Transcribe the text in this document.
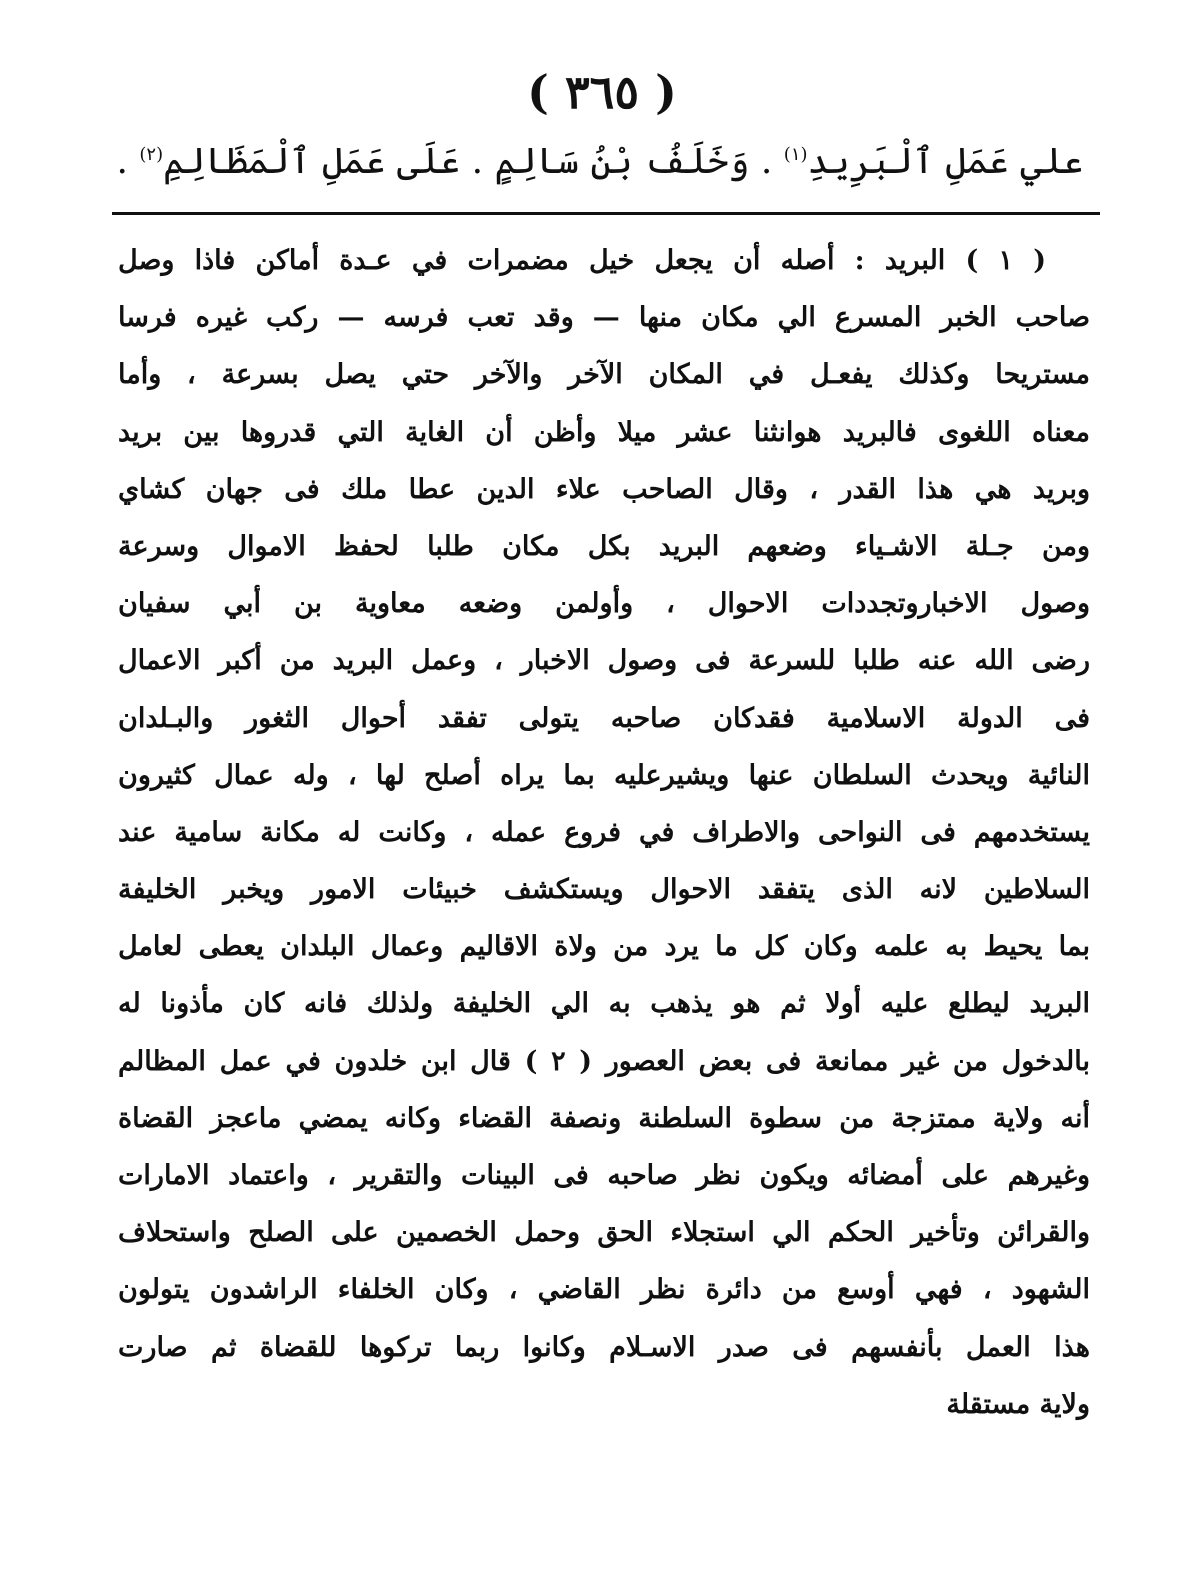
( ٣٦٥ )
علي عَمَلِ ٱلْبَرِيدِ$^{(١)}$ . وَخَلَفُ بْنُ سَالِمٍ . عَلَى عَمَلِ ٱلْمَظَالِمِ$^{(٢)}$ .
( ١ ) البريد : أصله أن يجعل خيل مضمرات في عـدة أماكن فاذا وصل
صاحب الخبر المسرع الي مكان منها — وقد تعب فرسه — ركب غيره فرسا
مستريحا وكذلك يفعـل في المكان الآخر والآخر حتي يصل بسرعة ، وأما
معناه اللغوى فالبريد هوانثنا عشر ميلا وأظن أن الغاية التي قدروها بين بريد
وبريد هي هذا القدر ، وقال الصاحب علاء الدين عطا ملك فى جهان كشاي
ومن جـلة الاشـياء وضعهم البريد بكل مكان طلبا لحفظ الاموال وسرعة
وصول الاخباروتجددات الاحوال ، وأولمن وضعه معاوية بن أبي سفيان
رضى الله عنه طلبا للسرعة فى وصول الاخبار ، وعمل البريد من أكبر الاعمال
فى الدولة الاسلامية فقدكان صاحبه يتولى تفقد أحوال الثغور والبـلدان
النائية ويحدث السلطان عنها ويشيرعليه بما يراه أصلح لها ، وله عمال كثيرون
يستخدمهم فى النواحى والاطراف في فروع عمله ، وكانت له مكانة سامية عند
السلاطين لانه الذى يتفقد الاحوال ويستكشف خبيئات الامور ويخبر الخليفة
بما يحيط به علمه وكان كل ما يرد من ولاة الاقاليم وعمال البلدان يعطى لعامل
البريد ليطلع عليه أولا ثم هو يذهب به الي الخليفة ولذلك فانه كان مأذونا له
بالدخول من غير ممانعة فى بعض العصور ( ٢ ) قال ابن خلدون في عمل المظالم
أنه ولاية ممتزجة من سطوة السلطنة ونصفة القضاء وكانه يمضي ماعجز القضاة
وغيرهم على أمضائه ويكون نظر صاحبه فى البينات والتقرير ، واعتماد الامارات
والقرائن وتأخير الحكم الي استجلاء الحق وحمل الخصمين على الصلح واستحلاف
الشهود ، فهي أوسع من دائرة نظر القاضي ، وكان الخلفاء الراشدون يتولون
هذا العمل بأنفسهم فى صدر الاسـلام وكانوا ربما تركوها للقضاة ثم صارت
ولاية مستقلة
